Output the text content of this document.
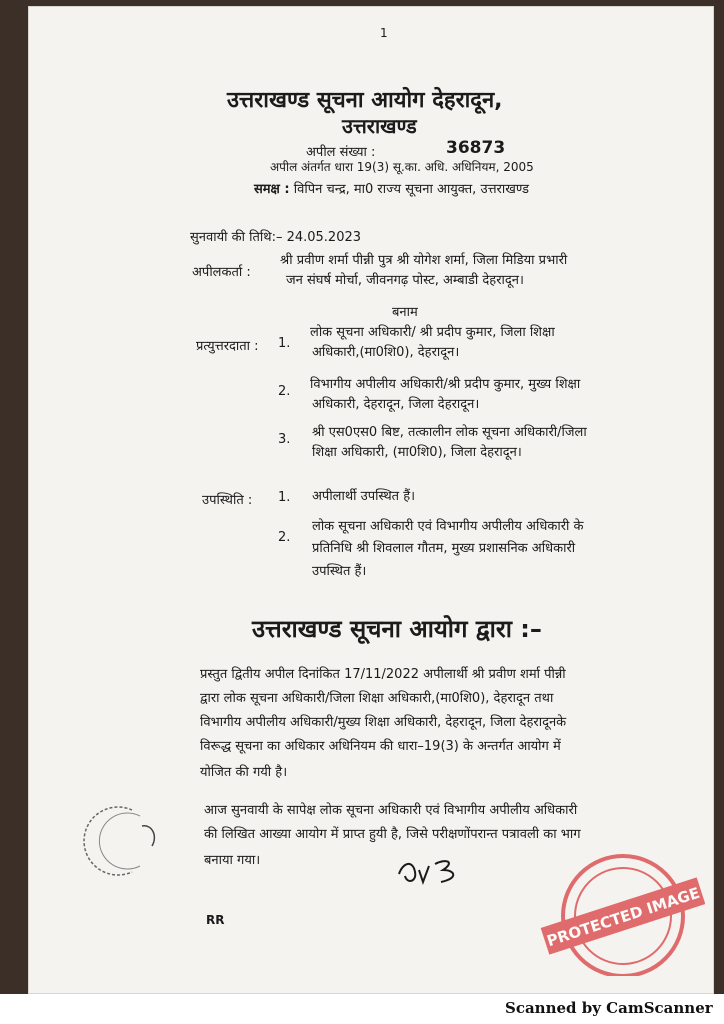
1
उत्तराखण्ड सूचना आयोग देहरादून,
उत्तराखण्ड
अपील संख्या :	36873
अपील अंतर्गत धारा 19(3) सू.का. अधि. अधिनियम, 2005
समक्ष : विपिन चन्द्र, मा0 राज्य सूचना आयुक्त, उत्तराखण्ड
सुनवायी की तिथि:– 24.05.2023
अपीलकर्ता :
श्री प्रवीण शर्मा पीन्नी पुत्र श्री योगेश शर्मा, जिला मिडिया प्रभारी
जन संघर्ष मोर्चा, जीवनगढ़ पोस्ट, अम्बाडी देहरादून।
बनाम
प्रत्युत्तरदाता : 1.
लोक सूचना अधिकारी/ श्री प्रदीप कुमार, जिला शिक्षा
अधिकारी,(मा0शि0), देहरादून।
2. विभागीय अपीलीय अधिकारी/श्री प्रदीप कुमार, मुख्य शिक्षा
अधिकारी, देहरादून, जिला देहरादून।
3. श्री एस0एस0 बिष्ट, तत्कालीन लोक सूचना अधिकारी/जिला
शिक्षा अधिकारी, (मा0शि0), जिला देहरादून।
उपस्थिति : 1. अपीलार्थी उपस्थित हैं।
2.
लोक सूचना अधिकारी एवं विभागीय अपीलीय अधिकारी के
प्रतिनिधि श्री शिवलाल गौतम, मुख्य प्रशासनिक अधिकारी
उपस्थित हैं।
उत्तराखण्ड सूचना आयोग द्वारा :–
प्रस्तुत द्वितीय अपील दिनांकित 17/11/2022 अपीलार्थी श्री प्रवीण शर्मा पीन्नी
द्वारा लोक सूचना अधिकारी/जिला शिक्षा अधिकारी,(मा0शि0), देहरादून तथा
विभागीय अपीलीय अधिकारी/मुख्य शिक्षा अधिकारी, देहरादून, जिला देहरादूनके
विरूद्ध सूचना का अधिकार अधिनियम की धारा–19(3) के अन्तर्गत आयोग में
योजित की गयी है।
आज सुनवायी के सापेक्ष लोक सूचना अधिकारी एवं विभागीय अपीलीय अधिकारी
की लिखित आख्या आयोग में प्राप्त हुयी है, जिसे परीक्षणोंपरान्त पत्रावली का भाग
बनाया गया।
RR	PROTECTED IMAGE
Scanned by CamScanner
